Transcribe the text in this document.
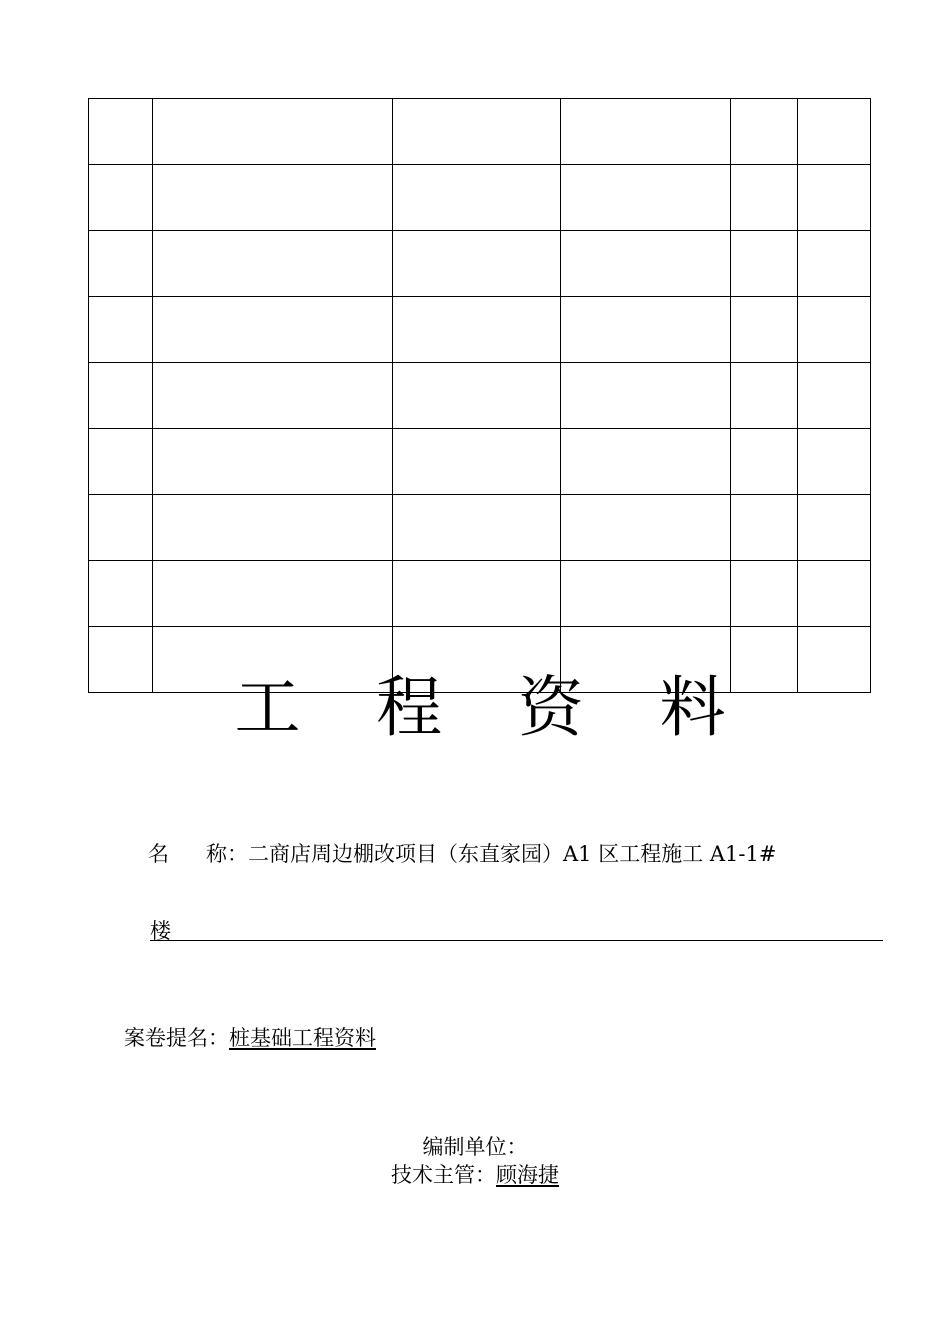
工 程 资 料
名 称：二商店周边棚改项目（东直家园）A1 区工程施工 A1-1#
楼
案卷提名：桩基础工程资料
编制单位：
技术主管：顾海捷
